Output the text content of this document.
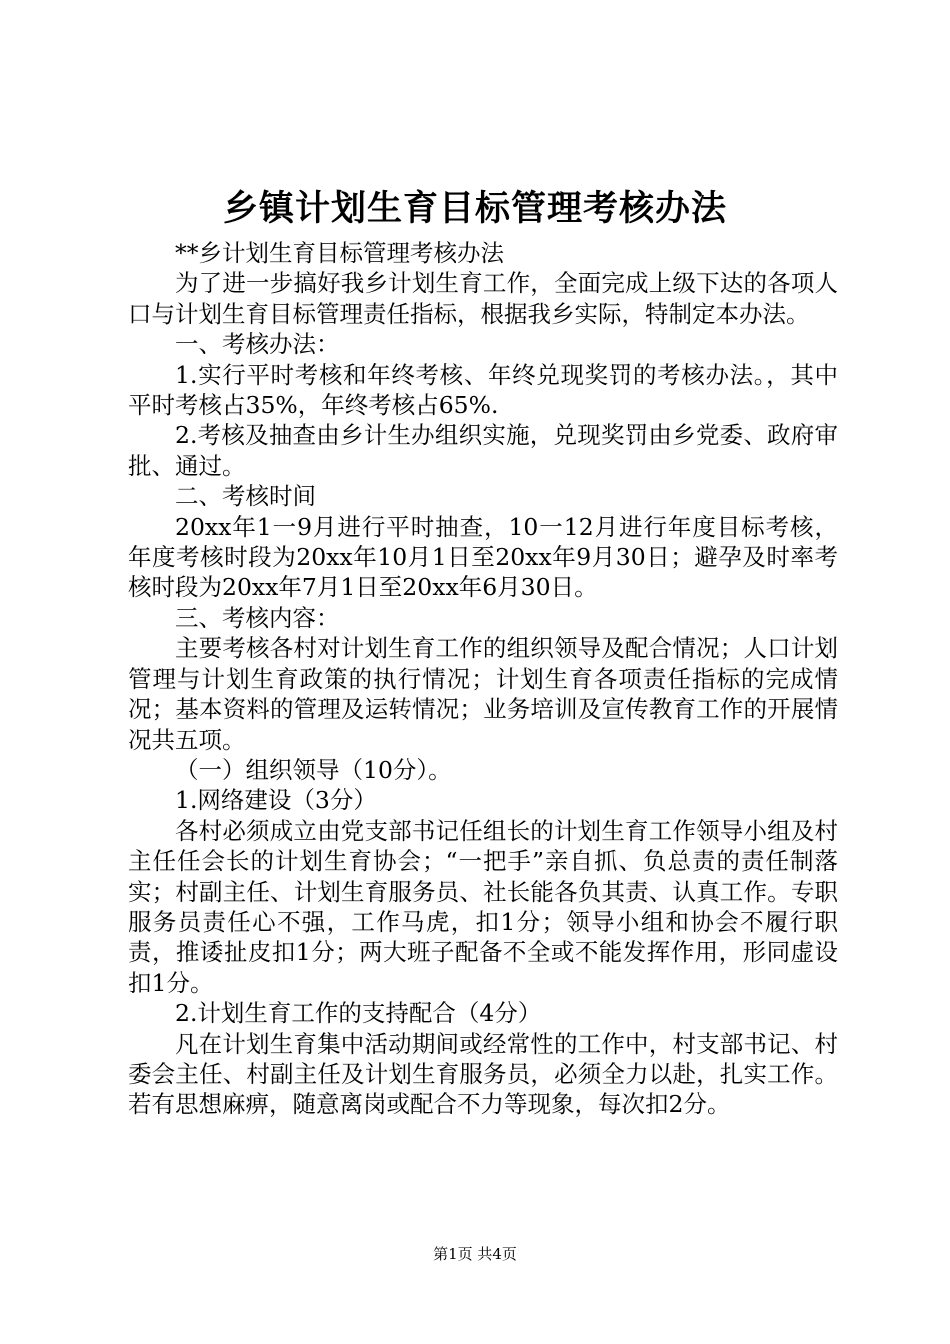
乡镇计划生育目标管理考核办法

**乡计划生育目标管理考核办法

为了进一步搞好我乡计划生育工作，全面完成上级下达的各项人口与计划生育目标管理责任指标，根据我乡实际，特制定本办法。

一、考核办法：

1.实行平时考核和年终考核、年终兑现奖罚的考核办法。，其中平时考核占35%，年终考核占65%.

2.考核及抽查由乡计生办组织实施，兑现奖罚由乡党委、政府审批、通过。

二、考核时间

20xx年1一9月进行平时抽查，10一12月进行年度目标考核，年度考核时段为20xx年10月1日至20xx年9月30日；避孕及时率考核时段为20xx年7月1日至20xx年6月30日。

三、考核内容：

主要考核各村对计划生育工作的组织领导及配合情况；人口计划管理与计划生育政策的执行情况；计划生育各项责任指标的完成情况；基本资料的管理及运转情况；业务培训及宣传教育工作的开展情况共五项。

（一）组织领导（10分）。

1.网络建设（3分）

各村必须成立由党支部书记任组长的计划生育工作领导小组及村主任任会长的计划生育协会；“一把手”亲自抓、负总责的责任制落实；村副主任、计划生育服务员、社长能各负其责、认真工作。专职服务员责任心不强，工作马虎，扣1分；领导小组和协会不履行职责，推诿扯皮扣1分；两大班子配备不全或不能发挥作用，形同虚设扣1分。

2.计划生育工作的支持配合（4分）

凡在计划生育集中活动期间或经常性的工作中，村支部书记、村委会主任、村副主任及计划生育服务员，必须全力以赴，扎实工作。若有思想麻痹，随意离岗或配合不力等现象，每次扣2分。

第1页 共4页
